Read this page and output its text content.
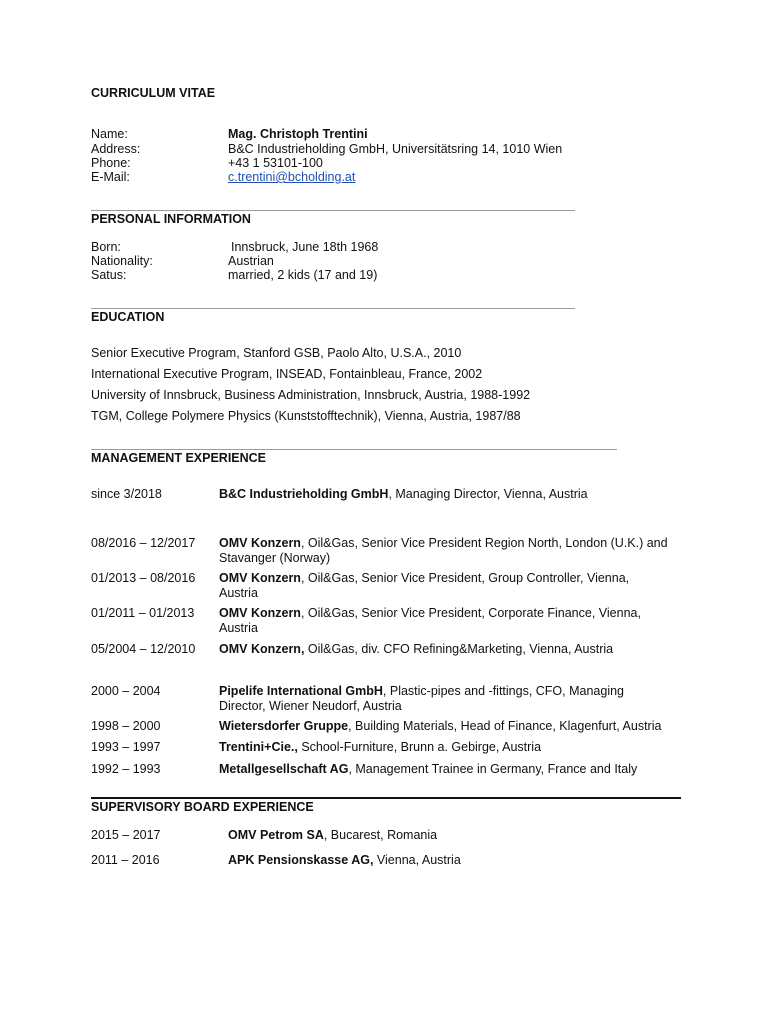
CURRICULUM VITAE
Name:	Mag. Christoph Trentini
Address:	B&C Industrieholding GmbH, Universitätsring 14, 1010 Wien
Phone:	+43 1 53101-100
E-Mail:	c.trentini@bcholding.at
PERSONAL INFORMATION
Born:	Innsbruck, June 18th 1968
Nationality:	Austrian
Satus:	married, 2 kids (17 and 19)
EDUCATION
Senior Executive Program, Stanford GSB, Paolo Alto, U.S.A., 2010
International Executive Program, INSEAD, Fontainbleau, France, 2002
University of Innsbruck, Business Administration, Innsbruck, Austria, 1988-1992
TGM, College Polymere Physics (Kunststofftechnik), Vienna, Austria, 1987/88
MANAGEMENT EXPERIENCE
since 3/2018	B&C Industrieholding GmbH, Managing Director, Vienna, Austria
08/2016 – 12/2017 OMV Konzern, Oil&Gas, Senior Vice President Region North, London (U.K.) and Stavanger (Norway)
01/2013 – 08/2016 OMV Konzern, Oil&Gas, Senior Vice President, Group Controller, Vienna, Austria
01/2011 – 01/2013 OMV Konzern, Oil&Gas, Senior Vice President, Corporate Finance, Vienna, Austria
05/2004 – 12/2010 OMV Konzern, Oil&Gas, div. CFO Refining&Marketing, Vienna, Austria
2000 – 2004	Pipelife International GmbH, Plastic-pipes and -fittings, CFO, Managing Director, Wiener Neudorf, Austria
1998 – 2000	Wietersdorfer Gruppe, Building Materials, Head of Finance, Klagenfurt, Austria
1993 – 1997	Trentini+Cie., School-Furniture, Brunn a. Gebirge, Austria
1992 – 1993	Metallgesellschaft AG, Management Trainee in Germany, France and Italy
SUPERVISORY BOARD EXPERIENCE
2015 – 2017	OMV Petrom SA, Bucarest, Romania
2011 – 2016	APK Pensionskasse AG, Vienna, Austria
